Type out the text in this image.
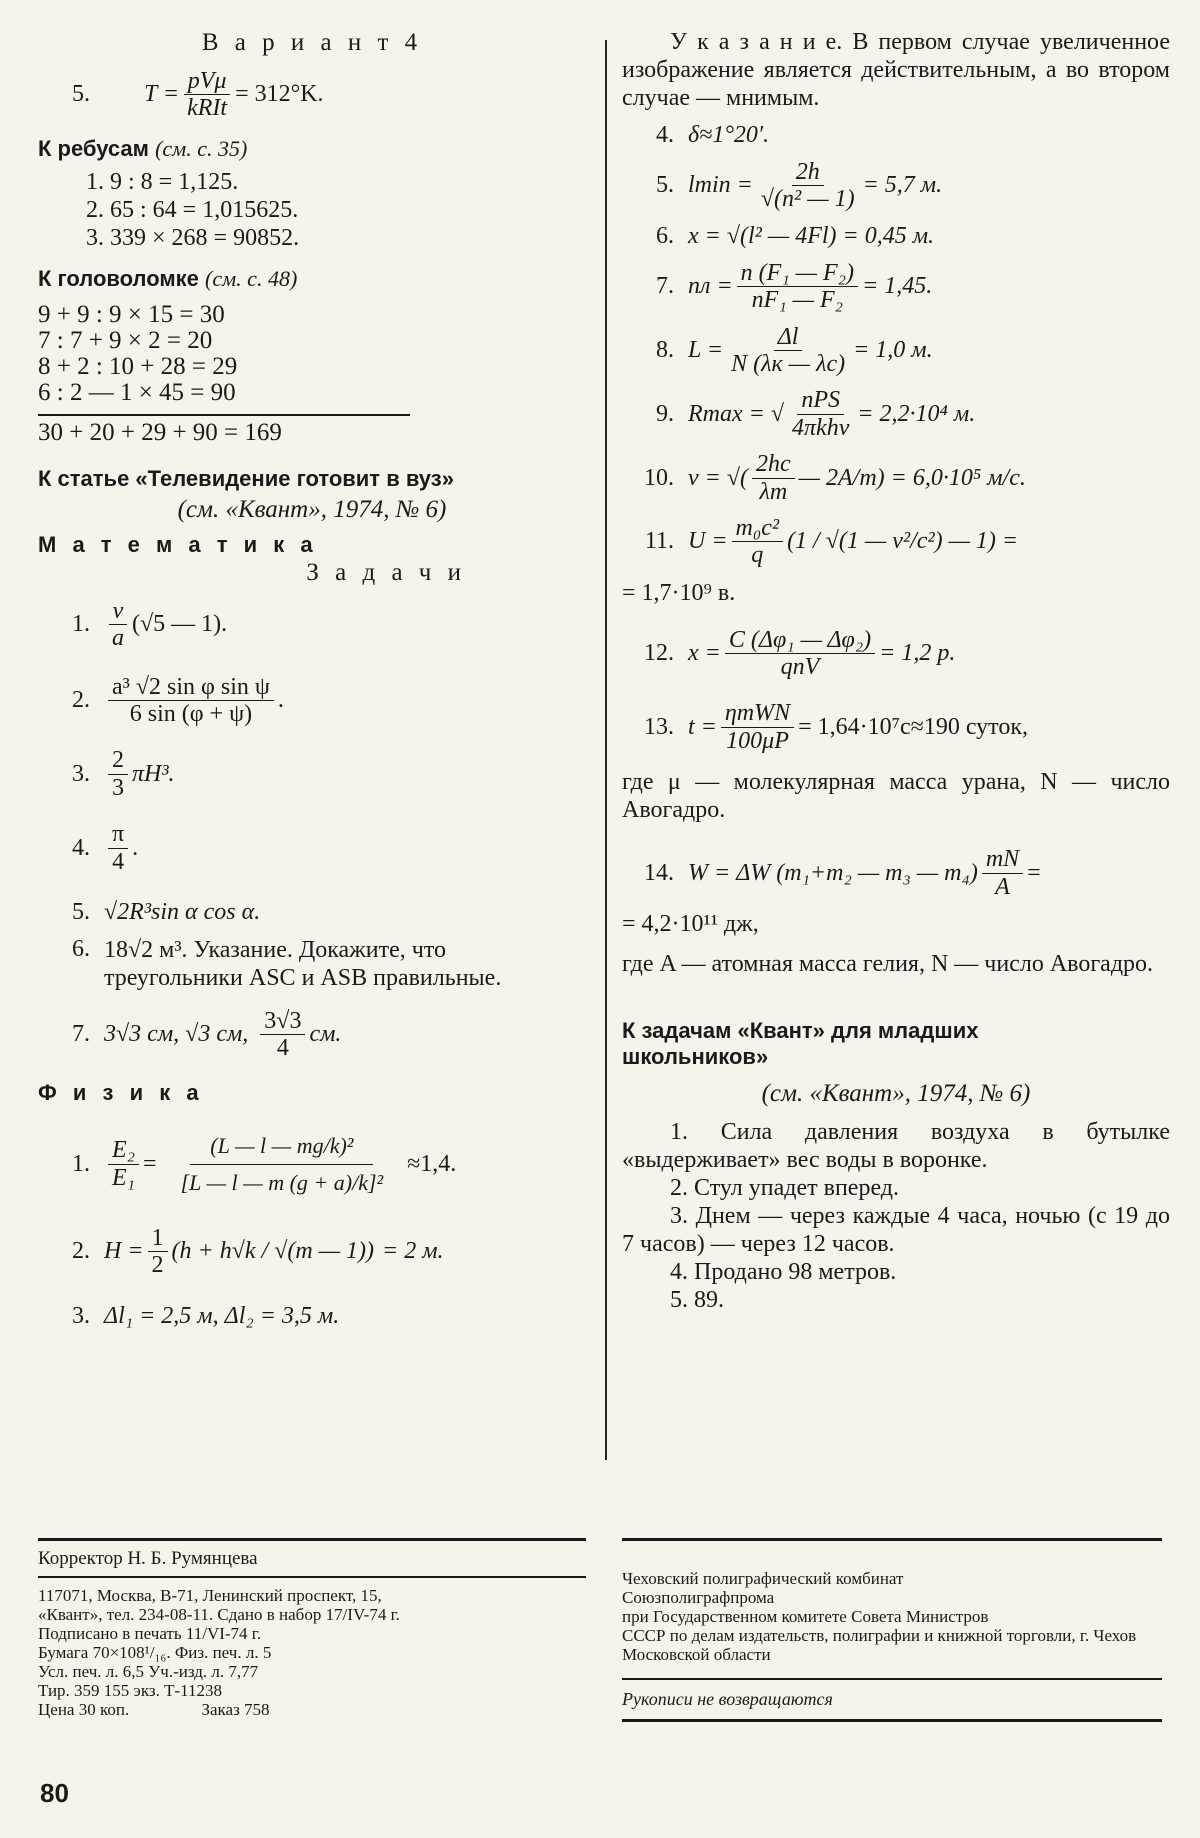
В а р и а н т 4
5.	$T = \frac{\text{pVμ}}{\text{kRIt}} = 312^\circ K$.
К ребусам (см. с. 35)
1. 9 : 8 = 1,125.
2. 65 : 64 = 1,015625.
3. 339 × 268 = 90852.
К головоломке (см. с. 48)
9 + 9 : 9 × 15 = 30
7 : 7 + 9 × 2 = 20
8 + 2 : 10 + 28 = 29
6 : 2 — 1 × 45 = 90
30 + 20 + 29 + 90 = 169
К статье «Телевидение готовит в вуз»
(см. «Квант», 1974, № 6)
М а т е м а т и к а
З а д а ч и
1. $\frac{v}{a} (√5$ — 1).
2. $\frac{\text{a³ √2 sin φ sin ψ}}{6 \sin (\varphi + \psi)}$ .
3. $\frac{2}{3} \pi H^3$.
4. $\frac{\pi}{4}$ .
5. √2R³sin α cos α.
6. 18√2 м³. Указание. Докажите, что треугольники ASC и ASB правильные.
7. 3√3 см, √3 см, $\frac{3√3}{4}$ см.
Ф и з и к а
1. $\frac{\text{E₂}}{\text{E₁}} = \frac{\text{(L — l — mg/k)²}}{\text{[L — l — m (g + a)/k]²}} \approx 1,4$.
2. $H = \frac{1}{2} (h + h√k / √(m$ — 1)) = 2 м.
3. Δl₁ = 2,5 м, Δl₂ = 3,5 м.
У к а з а н и е. В первом случае увеличенное изображение является действительным, а во втором случае — мнимым.
4. δ≈1°20′.
5. $lmin = \frac{2h}{\text{√(n² — 1)}} = 5,7$ м.
6. x = √(l² — 4Fl) = 0,45 м.
7. nл = $\frac{\text{n (F₁ — F₂)}}{\text{nF₁ — F₂}} = 1,45$.
8. $L = \frac{\Delta l}{N (\lambda к — \lambda c)} = 1,0$ м.
9. Rmax = √ $\frac{\text{nPS}}{\text{4πkhν}} = 2,2\cdot 10^4$ м.
10. v = √( $\frac{2hc}{\lambda m}$ — 2A/m) = 6,0·10⁵ м/с.
11. $U = \frac{\text{m₀c²}}{q} (1 / √(1$ — v²/c²) — 1) =
= 1,7·10⁹ в.
12. $x = \frac{\text{C (Δφ₁ — Δφ₂)}}{\text{qnV}} = 1,2$ р.
13. $t = \frac{\text{ηmWN}}{100\mu P} = 1,64\cdot 10^7с\approx 190$ суток,
где μ — молекулярная масса урана, N — число Авогадро.
14. W = ΔW (m₁+m₂ — m₃ — $m_4) \frac{mN}{A}$ =
= 4,2·10¹¹ дж,
где A — атомная масса гелия, N — число Авогадро.
К задачам «Квант» для младших школьников»
(см. «Квант», 1974, № 6)
1. Сила давления воздуха в бутылке «выдерживает» вес воды в воронке.
2. Стул упадет вперед.
3. Днем — через каждые 4 часа, ночью (с 19 до 7 часов) — через 12 часов.
4. Продано 98 метров.
5. 89.
Корректор Н. Б. Румянцева
117071, Москва, В-71, Ленинский проспект, 15,
«Квант», тел. 234-08-11. Сдано в набор 17/IV-74 г.
Подписано в печать 11/VI-74 г.
Бумага 70×108¹/₁₆. Физ. печ. л. 5
Усл. печ. л. 6,5 Уч.-изд. л. 7,77
Тир. 359 155 экз. Т-11238
Цена 30 коп.                 Заказ 758
Чеховский полиграфический комбинат
Союзполиграфпрома
при Государственном комитете Совета Министров
СССР по делам издательств, полиграфии и книжной торговли, г. Чехов Московской области
Рукописи не возвращаются
80
